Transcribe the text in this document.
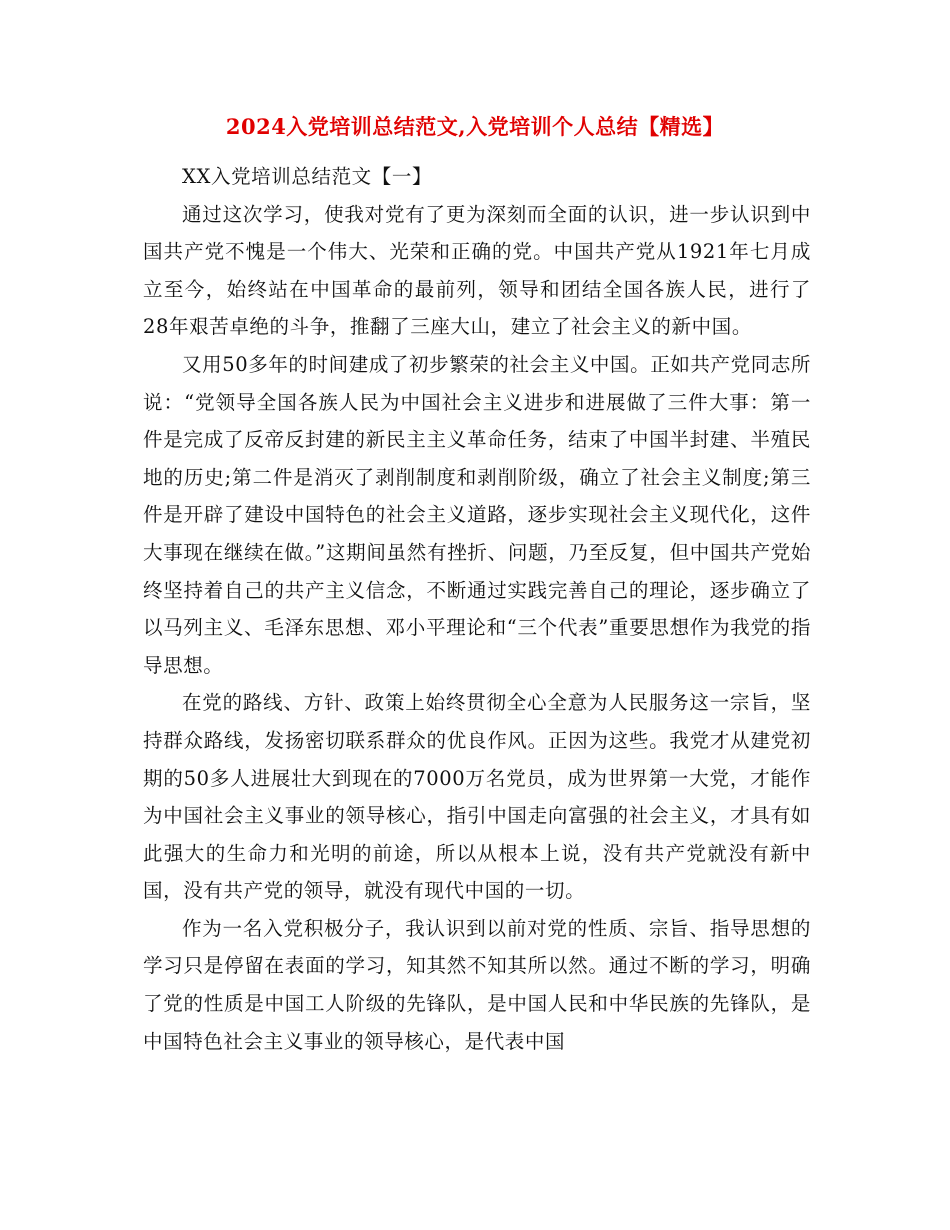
2024入党培训总结范文,入党培训个人总结【精选】
XX入党培训总结范文【一】

通过这次学习，使我对党有了更为深刻而全面的认识，进一步认识到中国共产党不愧是一个伟大、光荣和正确的党。中国共产党从1921年七月成立至今，始终站在中国革命的最前列，领导和团结全国各族人民，进行了28年艰苦卓绝的斗争，推翻了三座大山，建立了社会主义的新中国。

又用50多年的时间建成了初步繁荣的社会主义中国。正如共产党同志所说：“党领导全国各族人民为中国社会主义进步和进展做了三件大事：第一件是完成了反帝反封建的新民主主义革命任务，结束了中国半封建、半殖民地的历史;第二件是消灭了剥削制度和剥削阶级，确立了社会主义制度;第三件是开辟了建设中国特色的社会主义道路，逐步实现社会主义现代化，这件大事现在继续在做。”这期间虽然有挫折、问题，乃至反复，但中国共产党始终坚持着自己的共产主义信念，不断通过实践完善自己的理论，逐步确立了以马列主义、毛泽东思想、邓小平理论和“三个代表”重要思想作为我党的指导思想。

在党的路线、方针、政策上始终贯彻全心全意为人民服务这一宗旨，坚持群众路线，发扬密切联系群众的优良作风。正因为这些。我党才从建党初期的50多人进展壮大到现在的7000万名党员，成为世界第一大党，才能作为中国社会主义事业的领导核心，指引中国走向富强的社会主义，才具有如此强大的生命力和光明的前途，所以从根本上说，没有共产党就没有新中国，没有共产党的领导，就没有现代中国的一切。

作为一名入党积极分子，我认识到以前对党的性质、宗旨、指导思想的学习只是停留在表面的学习，知其然不知其所以然。通过不断的学习，明确了党的性质是中国工人阶级的先锋队，是中国人民和中华民族的先锋队，是中国特色社会主义事业的领导核心，是代表中国
